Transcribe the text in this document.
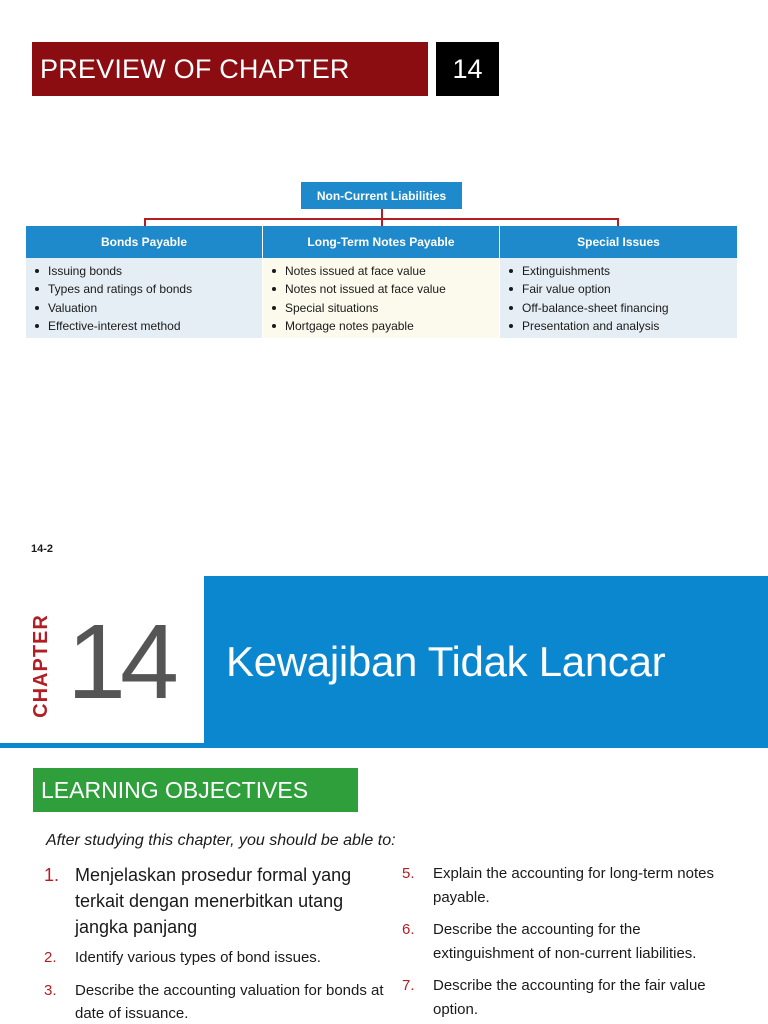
PREVIEW OF CHAPTER	14
Non-Current Liabilities
Bonds Payable
Issuing bonds
Types and ratings of bonds
Valuation
Effective-interest method
Long-Term Notes Payable
Notes issued at face value
Notes not issued at face value
Special situations
Mortgage notes payable
Special Issues
Extinguishments
Fair value option
Off-balance-sheet financing
Presentation and analysis
14-2
CHAPTER 14	Kewajiban Tidak Lancar
LEARNING OBJECTIVES
After studying this chapter, you should be able to:
1. Menjelaskan prosedur formal yang terkait dengan menerbitkan utang jangka panjang
2. Identify various types of bond issues.
3. Describe the accounting valuation for bonds at date of issuance.
5. Explain the accounting for long-term notes payable.
6. Describe the accounting for the extinguishment of non-current liabilities.
7. Describe the accounting for the fair value option.
